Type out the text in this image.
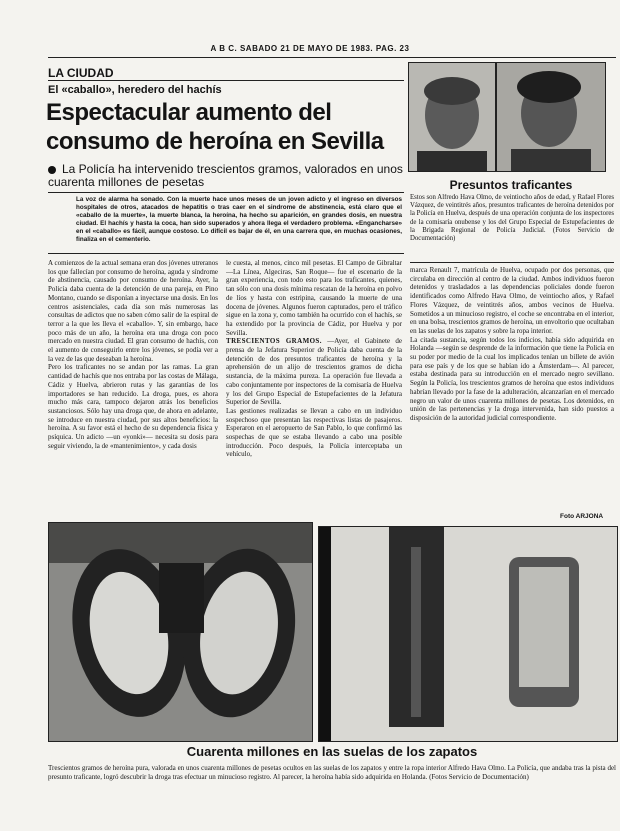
A B C. SABADO 21 DE MAYO DE 1983. PAG. 23
LA CIUDAD
El «caballo», heredero del hachís
Espectacular aumento del consumo de heroína en Sevilla
La Policía ha intervenido trescientos gramos, valorados en unos cuarenta millones de pesetas
La voz de alarma ha sonado. Con la muerte hace unos meses de un joven adicto y el ingreso en diversos hospitales de otros, atacados de hepatitis o tras caer en el sindrome de abstinencia, está claro que el «caballo de la muerte», la muerte blanca, la heroína, ha hecho su aparición, en grandes dosis, en nuestra ciudad. El hachís y hasta la coca, han sido superados y ahora llega el verdadero problema. «Engancharse» en el «caballo» es fácil, aunque costoso. Lo difícil es bajar de él, en una carrera que, en muchas ocasiones, finaliza en el cementerio.

A comienzos de la actual semana eran dos jóvenes utreranos los que fallecían por consumo de heroína, aguda y síndrome de abstinencia, causado por consumo de heroína. Ayer, la Policía daba cuenta de la detención de una pareja, en Pino Montano, cuando se disponían a inyectarse una dosis. En los centros asistenciales, cada día son más numerosas las consultas de adictos que no saben cómo salir de la espiral de terror a la que les lleva el «caballo». Y, sin embargo, hace poco más de un año, la heroína era una droga con poco mercado en nuestra ciudad. El gran consumo de hachís, con el aumento de conseguirlo entre los jóvenes, se podía ver a la vez de las que deseaban la heroína.

Pero los traficantes no se andan por las ramas. La gran cantidad de hachís que nos entraba por las costas de Málaga, Cádiz y Huelva, abrieron rutas y las garantías de los importadores se han reducido. La droga, pues, es ahora mucho más cara, tampoco dejaron atrás los beneficios sustanciosos. Sólo hay una droga que, de ahora en adelante, se introduce en nuestra ciudad, por sus altos beneficios: la heroína. A su favor está el hecho de su dependencia física y psíquica. Un adicto —un «yonki»— necesita su dosis para seguir viviendo, la de «mantenimiento», y cada dosis

le cuesta, al menos, cinco mil pesetas. El Campo de Gibraltar —La Línea, Algeciras, San Roque— fue el escenario de la gran experiencia, con todo esto para los traficantes, quienes, tan sólo con una dosis mínima rescatan de la heroína en polvo de líos y hasta con estripina, causando la muerte de una docena de jóvenes. Algunos fueron capturados, pero el tráfico sigue en la zona y, como también ha ocurrido con el hachís, se ha extendido por la provincia de Cádiz, por Huelva y por Sevilla.

TRESCIENTOS GRAMOS. —Ayer, el Gabinete de prensa de la Jefatura Superior de Policía daba cuenta de la detención de dos presuntos traficantes de heroína y la aprehensión de un alijo de trescientos gramos de dicha sustancia, de la máxima pureza. La operación fue llevada a cabo conjuntamente por inspectores de la comisaría de Huelva y los del Grupo Especial de Estupefacientes de la Jefatura Superior de Sevilla.

Las gestiones realizadas se llevan a cabo en un individuo sospechoso que presentan las respectivas listas de pasajeros. Esperaron en el aeropuerto de San Pablo, lo que confirmó las sospechas de que se estaba llevando a cabo una posible introducción. Poco después, la Policía interceptaba un vehículo,

Presuntos traficantes
Estos son Alfredo Hava Olmo, de veintiocho años de edad, y Rafael Flores Vázquez, de veintitrés años, presuntos traficantes de heroína detenidos por la Policía en Huelva, después de una operación conjunta de los inspectores de la comisaría onubense y los del Grupo Especial de Estupefacientes de la Brigada Regional de Policía Judicial. (Fotos Servicio de Documentación)

marca Renault 7, matrícula de Huelva, ocupado por dos personas, que circulaba en dirección al centro de la ciudad. Ambos individuos fueron detenidos y trasladados a las dependencias policiales donde fueron identificados como Alfredo Hava Olmo, de veintiocho años, y Rafael Flores Vázquez, de veintitrés años, ambos vecinos de Huelva. Sometidos a un minucioso registro, el coche se encontraba en el interior, en una bolsa, trescientos gramos de heroína, un envoltorio que ocultaban en las suelas de los zapatos y sobre la ropa interior.

La citada sustancia, según todos los indicios, había sido adquirida en Holanda —según se desprende de la información que tiene la Policía en su poder por medio de la cual los implicados tenían un billete de avión para ese país y de los que se habían ido a Ámsterdam—. Al parecer, estaba destinada para su introducción en el mercado negro sevillano. Según la Policía, los trescientos gramos de heroína que estos individuos habrían llevado por la fase de la adulteración, alcanzarían en el mercado negro un valor de unos cuarenta millones de pesetas. Los detenidos, en unión de las pertenencias y la droga intervenida, han sido puestos a disposición de la autoridad judicial correspondiente.

Foto ARJONA
Cuarenta millones en las suelas de los zapatos
Trescientos gramos de heroína pura, valorada en unos cuarenta millones de pesetas ocultos en las suelas de los zapatos y entre la ropa interior Alfredo Hava Olmo. La Policía, que andaba tras la pista del presunto traficante, logró descubrir la droga tras efectuar un minucioso registro. Al parecer, la heroína había sido adquirida en Holanda. (Fotos Servicio de Documentación)
